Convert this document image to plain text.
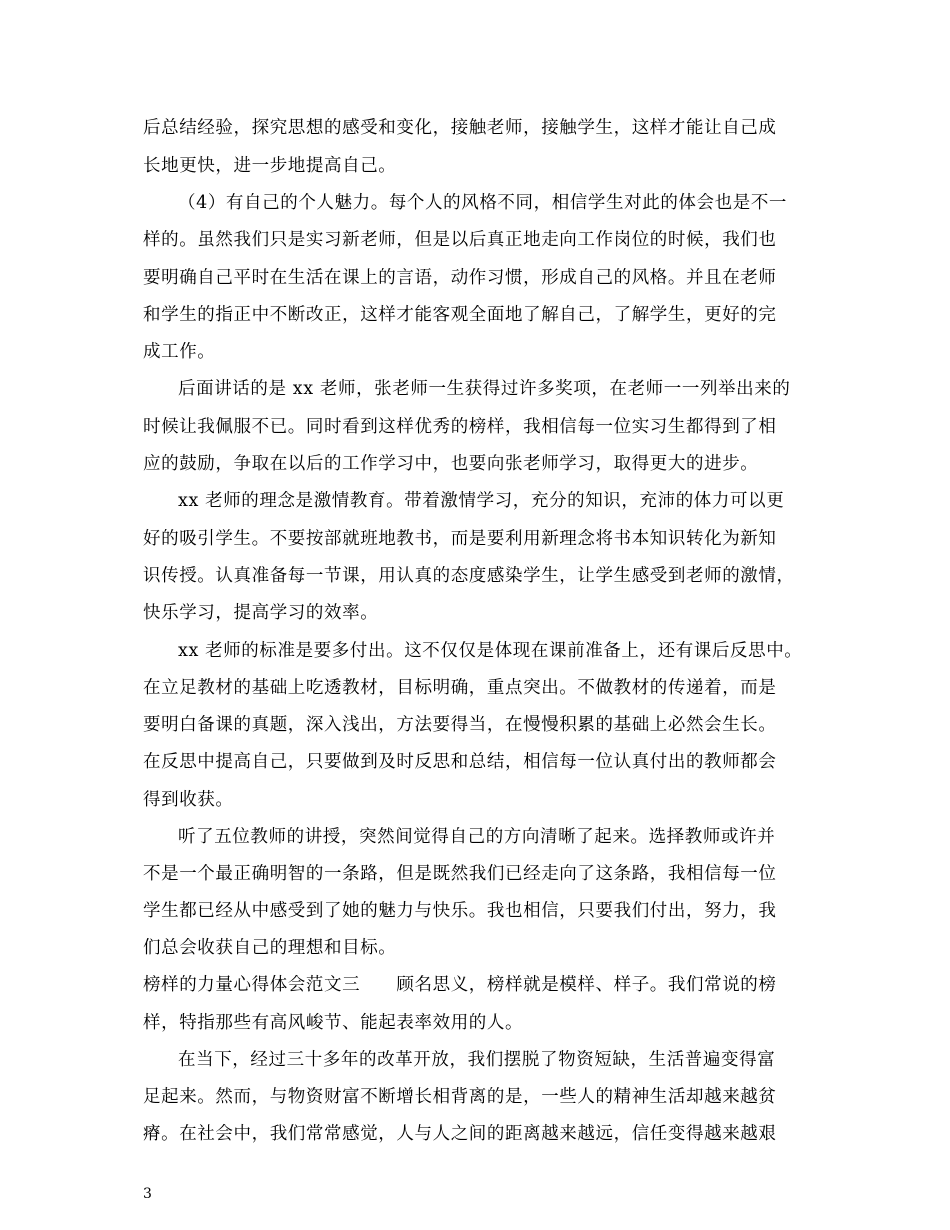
后总结经验，探究思想的感受和变化，接触老师，接触学生，这样才能让自己成
长地更快，进一步地提高自己。
（4）有自己的个人魅力。每个人的风格不同，相信学生对此的体会也是不一
样的。虽然我们只是实习新老师，但是以后真正地走向工作岗位的时候，我们也
要明确自己平时在生活在课上的言语，动作习惯，形成自己的风格。并且在老师
和学生的指正中不断改正，这样才能客观全面地了解自己，了解学生，更好的完
成工作。
后面讲话的是 xx 老师，张老师一生获得过许多奖项，在老师一一列举出来的
时候让我佩服不已。同时看到这样优秀的榜样，我相信每一位实习生都得到了相
应的鼓励，争取在以后的工作学习中，也要向张老师学习，取得更大的进步。
xx 老师的理念是激情教育。带着激情学习，充分的知识，充沛的体力可以更
好的吸引学生。不要按部就班地教书，而是要利用新理念将书本知识转化为新知
识传授。认真准备每一节课，用认真的态度感染学生，让学生感受到老师的激情，
快乐学习，提高学习的效率。
xx 老师的标准是要多付出。这不仅仅是体现在课前准备上，还有课后反思中。
在立足教材的基础上吃透教材，目标明确，重点突出。不做教材的传递着，而是
要明白备课的真题，深入浅出，方法要得当，在慢慢积累的基础上必然会生长。
在反思中提高自己，只要做到及时反思和总结，相信每一位认真付出的教师都会
得到收获。
听了五位教师的讲授，突然间觉得自己的方向清晰了起来。选择教师或许并
不是一个最正确明智的一条路，但是既然我们已经走向了这条路，我相信每一位
学生都已经从中感受到了她的魅力与快乐。我也相信，只要我们付出，努力，我
们总会收获自己的理想和目标。
榜样的力量心得体会范文三　　顾名思义，榜样就是模样、样子。我们常说的榜
样，特指那些有高风峻节、能起表率效用的人。
在当下，经过三十多年的改革开放，我们摆脱了物资短缺，生活普遍变得富
足起来。然而，与物资财富不断增长相背离的是，一些人的精神生活却越来越贫
瘠。在社会中，我们常常感觉，人与人之间的距离越来越远，信任变得越来越艰
3
